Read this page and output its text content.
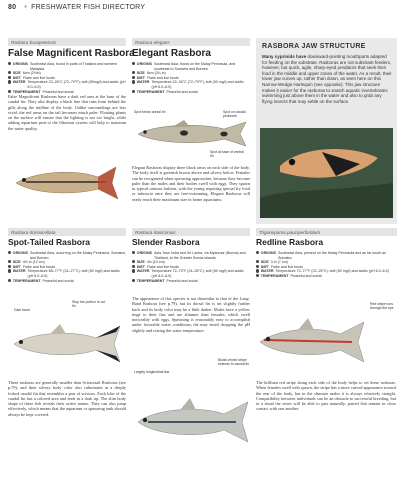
80 • FRESHWATER FISH DIRECTORY
Rasbora borapetensis
False Magnificent Rasbora
ORIGINS Southeast Asia, found in parts of Thailand and western Malaysia
SIZE 6cm (2½in)
DIET Flake and live foods
WATER Temperature 22–26°C (72–79°F); soft (50mg/l) and acidic (pH 6.0–6.5)
TEMPERAMENT Peaceful and social
False Magnificent Rasboras have a dark red area at the base of the caudal fin. They also display a black line that runs from behind the gills along the midline of the body. Unlike surroundings are less vivid, the red areas on the tail becomes much paler. Floating plants on the surface will ensure that the lighting is not too bright, while adding aquarium peat to the filtration system will help to maintain the water quality.
Rasbora elegans
Elegant Rasbora
ORIGINS Southeast Asia, found on the Malay Peninsula, and southeast to Sumatra and Borneo
SIZE 8cm (3¼ in)
DIET Flake and live foods
WATER Temperature 22–26°C (72–79°F); soft (50 mg/l) and acidic (pH 6.0–6.5)
TEMPERAMENT Peaceful and social
Spot below dorsal fin	Spot on caudal peduncle
Spot at base of ventral fin
Elegant Rasboras display three black areas on each side of the body. The body itself is greenish brown above and silvery below. Females can be recognized when spawning approaches, because they become paler than the males and their bodies swell with eggs. They spawn in typical rasbora fashion, with the young requiring special fry food or infusoria once they are free-swimming. Elegant Rasboras will ready reach their maximum size in home aquariums.
RASBORA JAW STRUCTURE
Many cyprinids have downward-pointing mouthparts adapted for feeding on the substrate. Rasboras are not substrate feeders, however, but quick, agile, sharp-eyed predators that seek their food in the middle and upper zones of the water. As a result, their lower jaw curves up, rather than down, as seen here on this Narrow-Wedge Harlequin (see opposite). This jaw structure makes it easier for the rasboras to snatch aquatic invertebrates swimming just above them in the water and also to grab any flying insects that may settle on the surface.
Rasbora dorsiocellata
Spot-Tailed Rasbora
ORIGINS Southeast Asia, occurring on the Malay Peninsula, Sumatra, and Borneo
SIZE 4½ in (12 cm)
DIET Flake and live foods
WATER Temperature 68–77°F (24–27°C); soft (50 mg/l) and acidic (pH 6.0–6.5)
TEMPERAMENT Peaceful and social
Dark band
Stop the portion to cut fin
These rasboras are generally smaller than Scissortail Rasboras (see p.79), and their silvery body color also culminates in a deeply forked caudal fin that resembles a pair of scissors. Each lobe of the caudal fin has a colored area and ends in a dark tip. The slim body shape of these fish reveals their active nature. They can also jump effectively, which means that the aquarium or spawning tank should always be kept covered.
Rasbora daniconius
Slender Rasbora
ORIGINS Asia, from India and Sri Lanka, via Myanmar (Burma) and Thailand, to the Greater Sunda Islands
SIZE 4in (10 cm)
DIET Flake and live foods
WATER Temperature 72–79°F (24–26°C); soft (50 mg/l) and acidic (pH 6.0–6.5)
TEMPERAMENT Peaceful and social
The appearance of this species is not dissimilar to that of the Long-Band Rasbora (see p.79), but its dorsal fin is set slightly further back and its body color may be a little darker. Males have a yellow tinge to their fins and are slimmer than females, which swell noticeably with eggs. Spawning is reasonably easy to accomplish under favorable water conditions; the may entail dropping the pH slightly and raising the water temperature.
Largely longitudinal line
Bluish-mixed stripe extends to caudal fin
Trigonopoma pauciperforatum
Redline Rasbora
ORIGINS Southeast Asia, present on the Malay Peninsula and as far south as Sumatra
SIZE 3 in (7 cm)
DIET Flake and live foods
WATER Temperature 72–77°F (22–25°C); soft (50 mg/l) and acidic (pH 6.0–6.5)
TEMPERAMENT Peaceful and social
Red stripe runs through the eye
The brilliant red stripe along each side of the body helps to set these rasboras. When females swell with spawn, the stripe has a more curved appearance toward the rear of the body, but in the slimmer males it is always relatively straight. Compatibility between individuals can be an obstacle to successful breeding, but in a shoal the sexes will be able to pair naturally; paired fish remain in close contact with one another.
